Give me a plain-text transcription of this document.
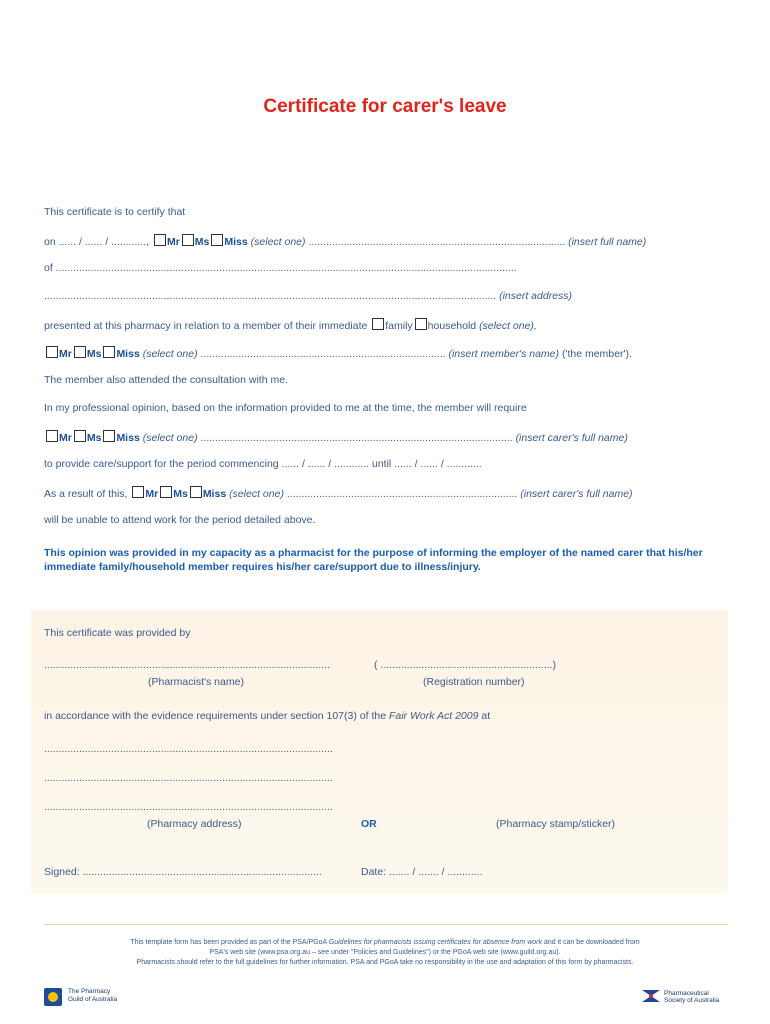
Certificate for carer's leave
This certificate is to certify that
on ...... / ...... / ............, Mr Ms Miss (select one) ........................................................................................ (insert full name)
of ..............................................................................................................................................................
........................................................................................................................................................... (insert address)
presented at this pharmacy in relation to a member of their immediate family household (select one),
Mr Ms Miss (select one) .................................................................................... (insert member's name) ('the member').
The member also attended the consultation with me.
In my professional opinion, based on the information provided to me at the time, the member will require
Mr Ms Miss (select one) ........................................................................................................... (insert carer's full name)
to provide care/support for the period commencing ...... / ...... / ............ until ...... / ...... / ............
As a result of this, Mr Ms Miss (select one) ............................................................................... (insert carer's full name)
will be unable to attend work for the period detailed above.
This opinion was provided in my capacity as a pharmacist for the purpose of informing the employer of the named carer that his/her immediate family/household member requires his/her care/support due to illness/injury.
This certificate was provided by
..................................................................................................	( ...........................................................)
(Pharmacist's name)	(Registration number)
in accordance with the evidence requirements under section 107(3) of the Fair Work Act 2009 at
...................................................................................................
...................................................................................................
...................................................................................................
(Pharmacy address)	OR	(Pharmacy stamp/sticker)
Signed: ..................................................................................	Date: ....... / ....... / ............
This template form has been provided as part of the PSA/PGoA Guidelines for pharmacists issuing certificates for absence from work and it can be downloaded from
PSA's web site (www.psa.org.au – see under "Policies and Guidelines") or the PGoA web site (www.guild.org.au).
Pharmacists should refer to the full guidelines for further information. PSA and PGoA take no responsibility in the use and adaptation of this form by pharmacists.
The Pharmacy
Guild of Australia
Pharmaceutical
Society of Australia
